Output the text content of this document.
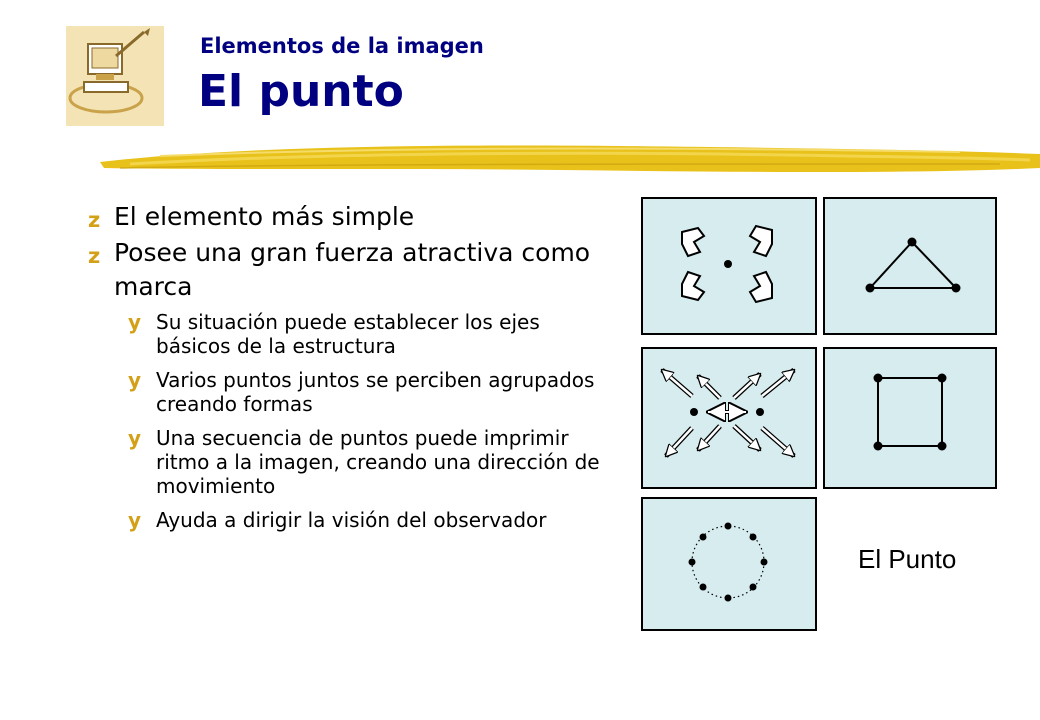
Elementos de la imagen
El punto
z El elemento más simple
z Posee una gran fuerza atractiva como marca
y Su situación puede establecer los ejes básicos de la estructura
y Varios puntos juntos se perciben agrupados creando formas
y Una secuencia de puntos puede imprimir ritmo a la imagen, creando una dirección de movimiento
y Ayuda a dirigir la visión del observador
El Punto
